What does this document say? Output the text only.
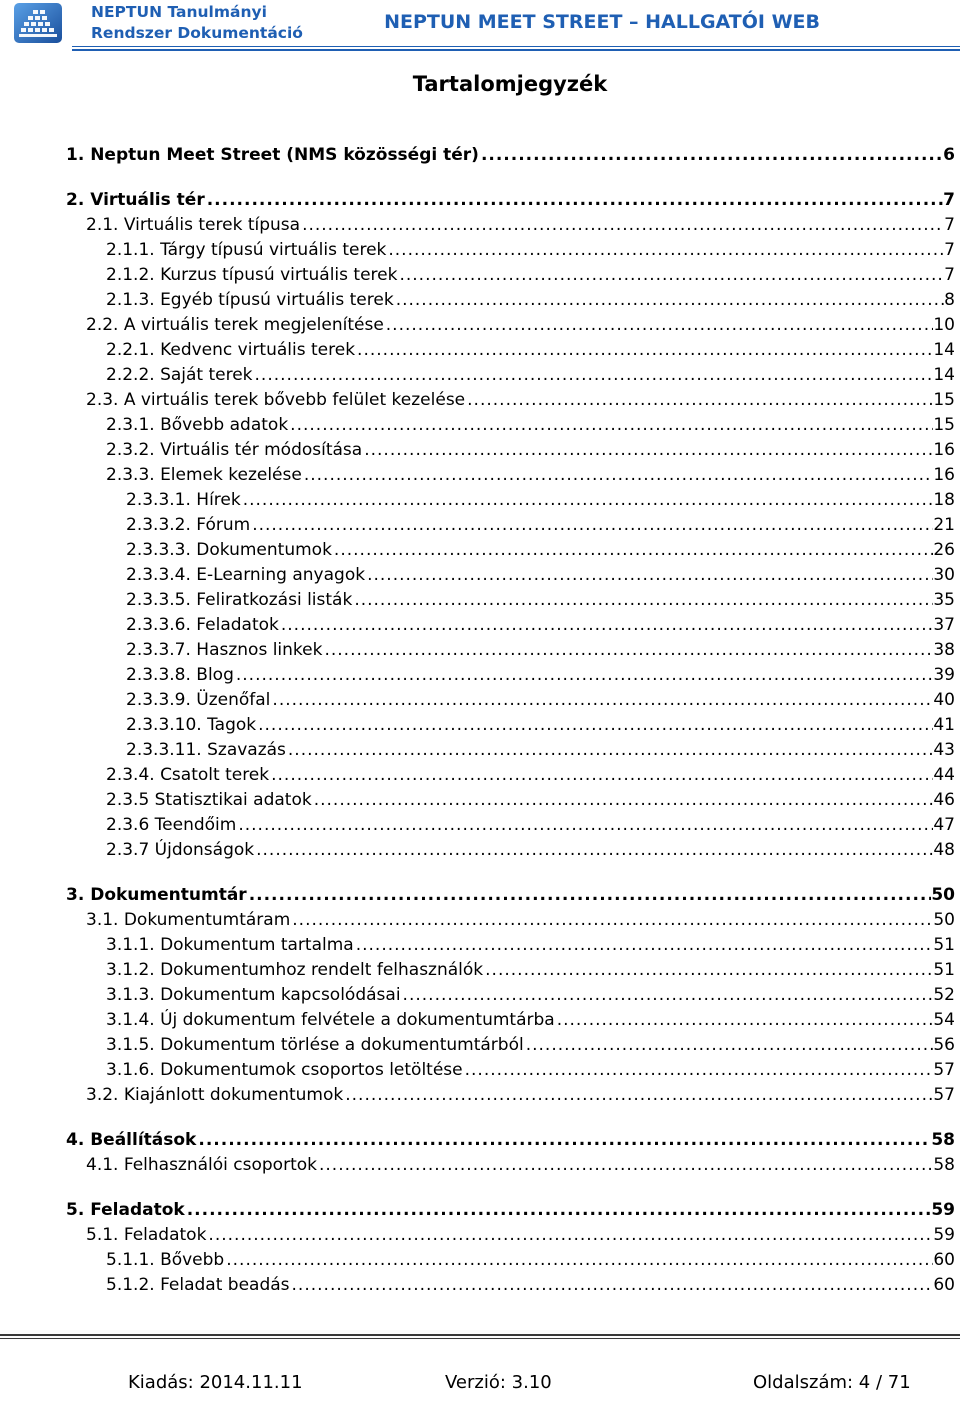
NEPTUN Tanulmányi
Rendszer Dokumentáció	NEPTUN MEET STREET – HALLGATÓI WEB
Tartalomjegyzék
1. Neptun Meet Street (NMS közösségi tér) .....	6
2. Virtuális tér .....	7
2.1. Virtuális terek típusa .....	7
2.1.1. Tárgy típusú virtuális terek .....	7
2.1.2. Kurzus típusú virtuális terek .....	7
2.1.3. Egyéb típusú virtuális terek .....	8
2.2. A virtuális terek megjelenítése .....	10
2.2.1. Kedvenc virtuális terek .....	14
2.2.2. Saját terek .....	14
2.3. A virtuális terek bővebb felület kezelése .....	15
2.3.1. Bővebb adatok .....	15
2.3.2. Virtuális tér módosítása .....	16
2.3.3. Elemek kezelése .....	16
2.3.3.1. Hírek .....	18
2.3.3.2. Fórum .....	21
2.3.3.3. Dokumentumok .....	26
2.3.3.4. E-Learning anyagok .....	30
2.3.3.5. Feliratkozási listák .....	35
2.3.3.6. Feladatok .....	37
2.3.3.7. Hasznos linkek .....	38
2.3.3.8. Blog .....	39
2.3.3.9. Üzenőfal .....	40
2.3.3.10. Tagok .....	41
2.3.3.11. Szavazás .....	43
2.3.4. Csatolt terek .....	44
2.3.5 Statisztikai adatok .....	46
2.3.6 Teendőim .....	47
2.3.7 Újdonságok .....	48
3. Dokumentumtár .....	50
3.1. Dokumentumtáram .....	50
3.1.1. Dokumentum tartalma .....	51
3.1.2. Dokumentumhoz rendelt felhasználók .....	51
3.1.3. Dokumentum kapcsolódásai .....	52
3.1.4. Új dokumentum felvétele a dokumentumtárba .....	54
3.1.5. Dokumentum törlése a dokumentumtárból .....	56
3.1.6. Dokumentumok csoportos letöltése .....	57
3.2. Kiajánlott dokumentumok .....	57
4. Beállítások .....	58
4.1. Felhasználói csoportok .....	58
5. Feladatok .....	59
5.1. Feladatok .....	59
5.1.1. Bővebb .....	60
5.1.2. Feladat beadás .....	60
Kiadás: 2014.11.11	Verzió: 3.10	Oldalszám: 4 / 71
